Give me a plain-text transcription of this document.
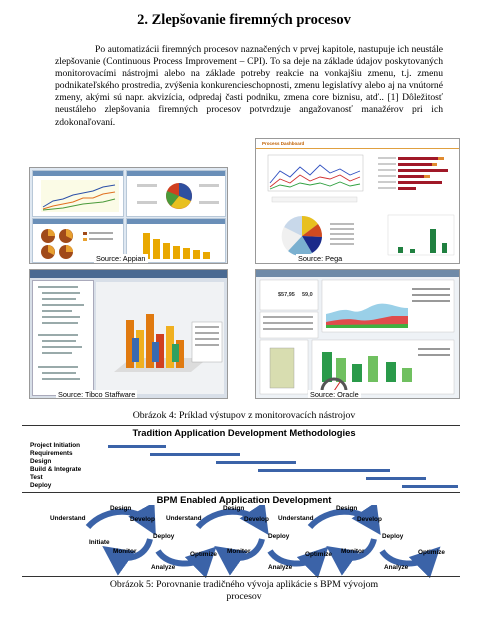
2. Zlepšovanie firemných procesov
Po automatizácii firemných procesov naznačených v prvej kapitole, nastupuje ich neustále zlepšovanie (Continuous Process Improvement – CPI). To sa deje na základe údajov poskytovaných monitorovacími nástrojmi alebo na základe potreby reakcie na vonkajšiu zmenu, t.j. zmenu podnikateľského prostredia, zvýšenia konkurencieschopnosti, zmenu legislatívy alebo aj na vnútorné zmeny, akými sú napr. akvizícia, odpredaj časti podniku, zmena core biznisu, atď.. [1] Dôležitosť neustáleho zlepšovania firemných procesov potvrdzuje angažovanosť manažérov pri ich zdokonaľovaní.
Source: Appian
Process Dashboard
Source: Pega
Source: Tibco Staffware
$57,95 59,0
Source: Oracle
Obrázok 4: Príklad výstupov z monitorovacích nástrojov
Tradition Application Development Methodologies
Project Initiation
Requirements
Design
Build & Integrate
Test
Deploy
BPM Enabled Application Development
Design
Understand	Develop
Initiate
Deploy
Monitor
Analyze
Optimize
Understand
Design
Develop
Deploy
Monitor
Analyze
Optimize
Understand
Design
Develop
Deploy
Monitor
Analyze
Optimize
Obrázok 5: Porovnanie tradičného vývoja aplikácie s BPM vývojom
procesov
